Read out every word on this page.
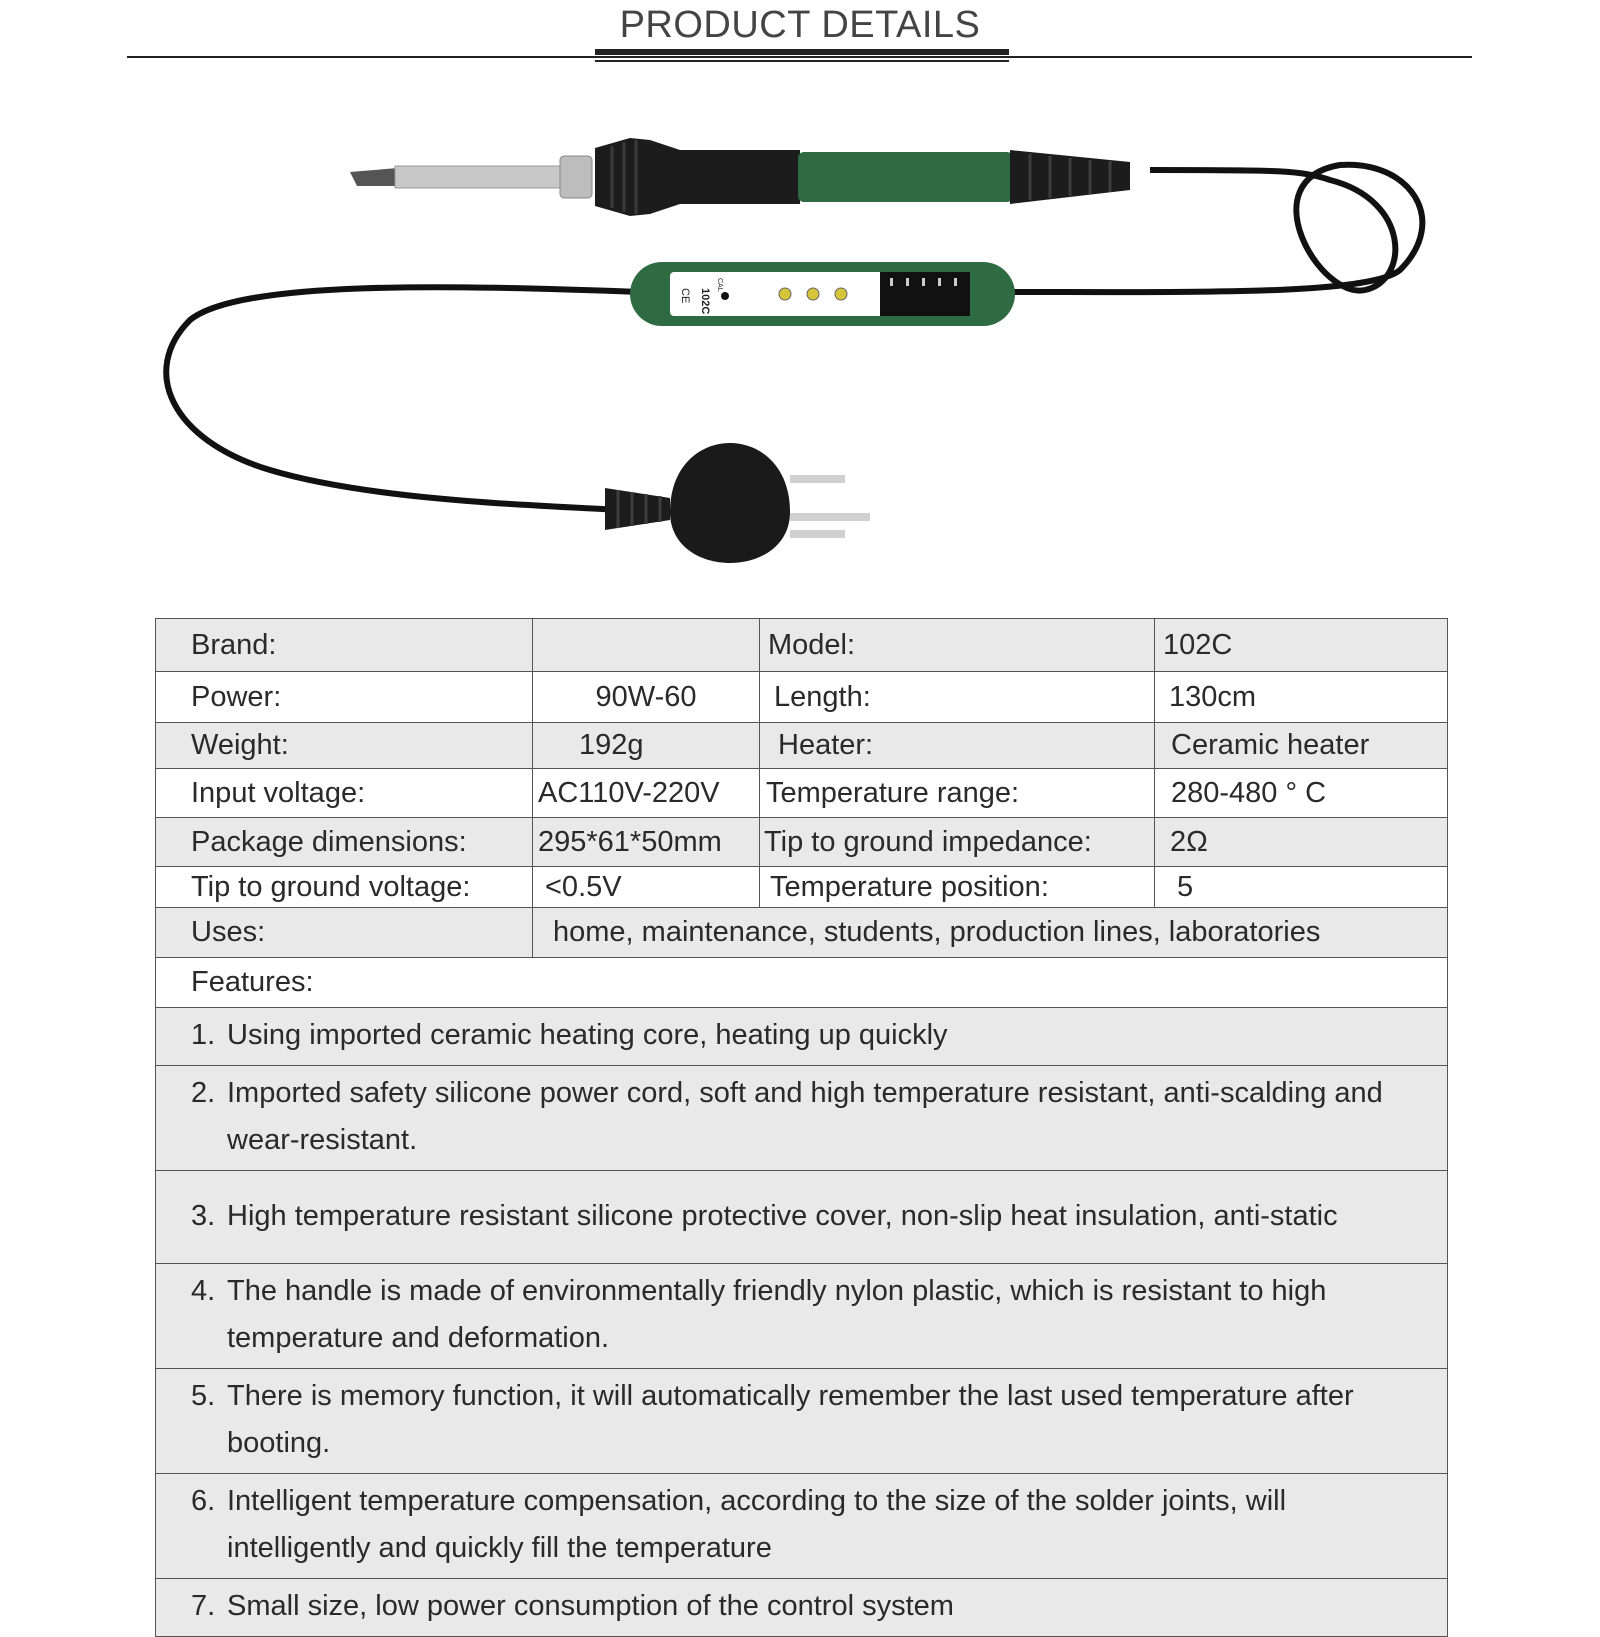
PRODUCT DETAILS
102C
CE
CAL
Brand:		Model:	102C
Power:	90W-60	Length:	130cm
Weight:	192g	Heater:	Ceramic heater
Input voltage:	AC110V-220V	Temperature range:	280-480 ° C
Package dimensions:	295*61*50mm	Tip to ground impedance:	2Ω
Tip to ground voltage:	<0.5V	Temperature position:	5
Uses:	home, maintenance, students, production lines, laboratories		
Features:			

1. Using imported ceramic heating core, heating up quickly			

2. Imported safety silicone power cord, soft and high temperature resistant, anti-scalding and wear-resistant.			

3. High temperature resistant silicone protective cover, non-slip heat insulation, anti-static			

4. The handle is made of environmentally friendly nylon plastic, which is resistant to high temperature and deformation.			

5. There is memory function, it will automatically remember the last used temperature after booting.			

6. Intelligent temperature compensation, according to the size of the solder joints, will intelligently and quickly fill the temperature			

7. Small size, low power consumption of the control system			
